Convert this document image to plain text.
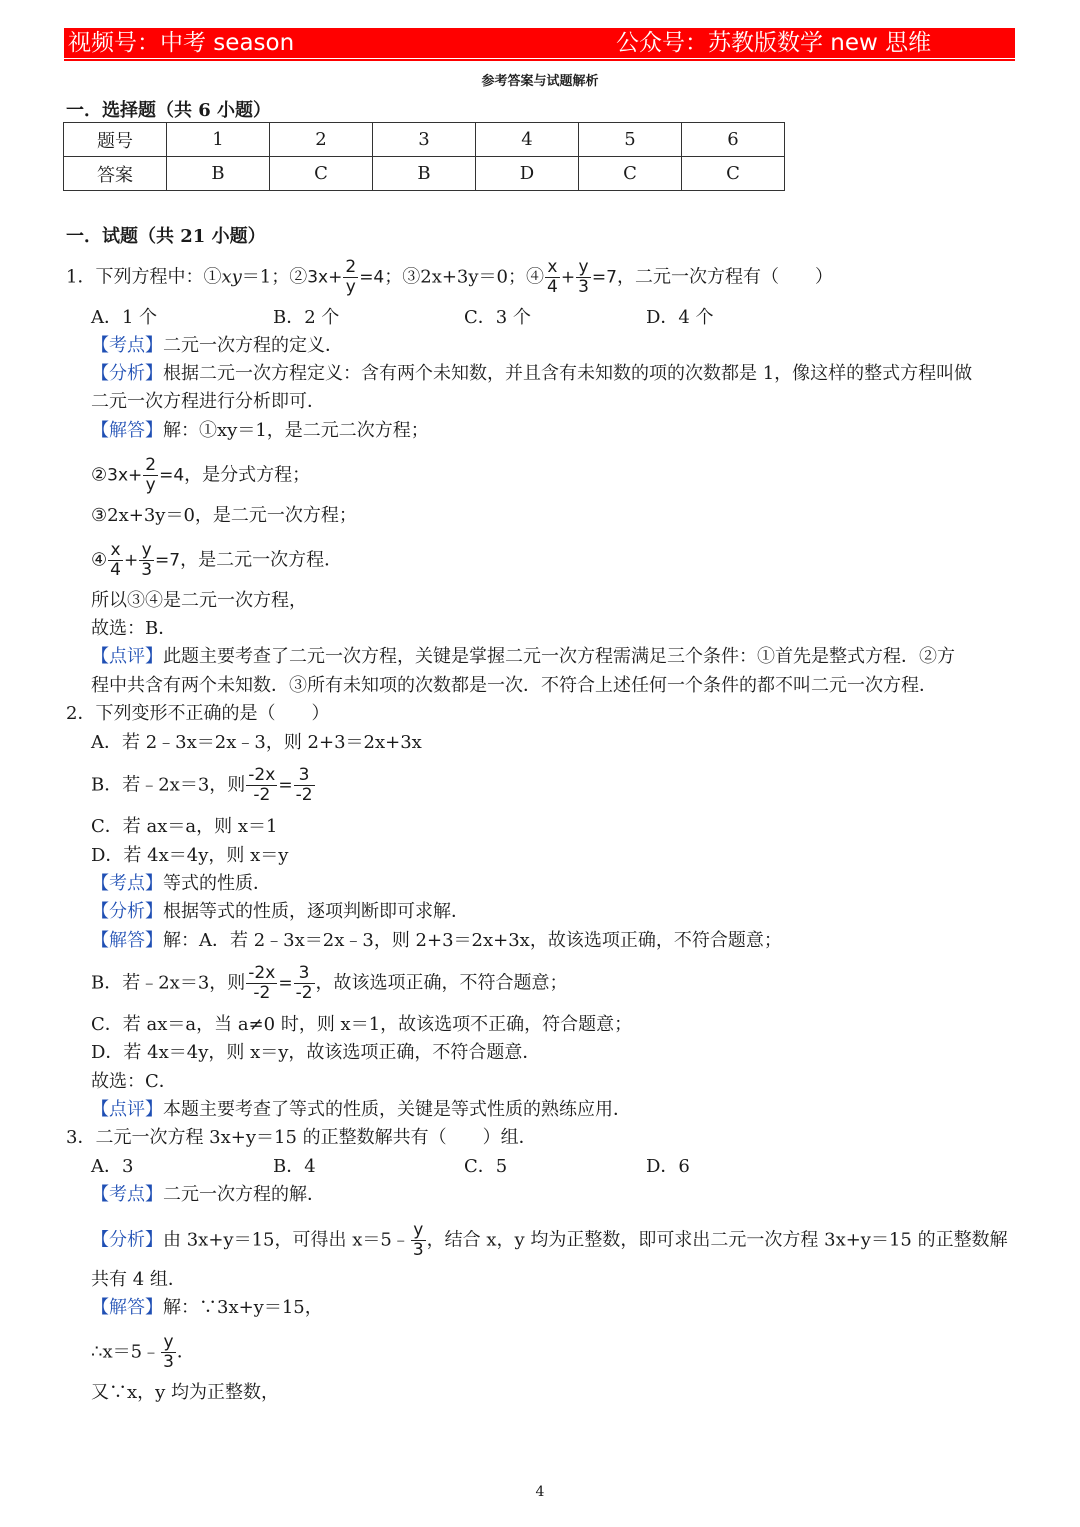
视频号：中考 season	公众号：苏教版数学 new 思维
参考答案与试题解析
一．选择题（共 6 小题）
题号	1	2	3	4	5	6
答案	B	C	B	D	C	C
一．试题（共 21 小题）
1．下列方程中：①xy＝1；②3x+ $\frac{2}{y} =4$；③2x+3y＝0；④ $\frac{x}{4} + \frac{y}{3} =7$，二元一次方程有（　　）
A．1 个	B．2 个	C．3 个	D．4 个
【考点】二元一次方程的定义．
【分析】根据二元一次方程定义：含有两个未知数，并且含有未知数的项的次数都是 1，像这样的整式方程叫做
二元一次方程进行分析即可．
【解答】解：①xy＝1，是二元二次方程；
②3x+ $\frac{2}{y} =4$，是分式方程；
③2x+3y＝0，是二元一次方程；
④ $\frac{x}{4} + \frac{y}{3} =7$，是二元一次方程．
所以③④是二元一次方程，
故选：B．
【点评】此题主要考查了二元一次方程，关键是掌握二元一次方程需满足三个条件：①首先是整式方程．②方
程中共含有两个未知数．③所有未知项的次数都是一次．不符合上述任何一个条件的都不叫二元一次方程．
2．下列变形不正确的是（　　）
A．若 2﹣3x＝2x﹣3，则 2+3＝2x+3x
B．若﹣2x＝3，则 $\frac{-2x}{-2} = \frac{3}{-2}$
C．若 ax＝a，则 x＝1
D．若 4x＝4y，则 x＝y
【考点】等式的性质．
【分析】根据等式的性质，逐项判断即可求解．
【解答】解：A．若 2﹣3x＝2x﹣3，则 2+3＝2x+3x，故该选项正确，不符合题意；
B．若﹣2x＝3，则 $\frac{-2x}{-2} = \frac{3}{-2}$ ，故该选项正确，不符合题意；
C．若 ax＝a，当 a≠0 时，则 x＝1，故该选项不正确，符合题意；
D．若 4x＝4y，则 x＝y，故该选项正确，不符合题意．
故选：C．
【点评】本题主要考查了等式的性质，关键是等式性质的熟练应用．
3．二元一次方程 3x+y＝15 的正整数解共有（　　）组．
A．3	B．4	C．5	D．6
【考点】二元一次方程的解．
【分析】由 3x+y＝15，可得出 x＝5﹣ $\frac{y}{3}$ ，结合 x，y 均为正整数，即可求出二元一次方程 3x+y＝15 的正整数解
共有 4 组．
【解答】解：∵3x+y＝15，
∴x＝5﹣ $\frac{y}{3}$ ．
又∵x，y 均为正整数，
4
